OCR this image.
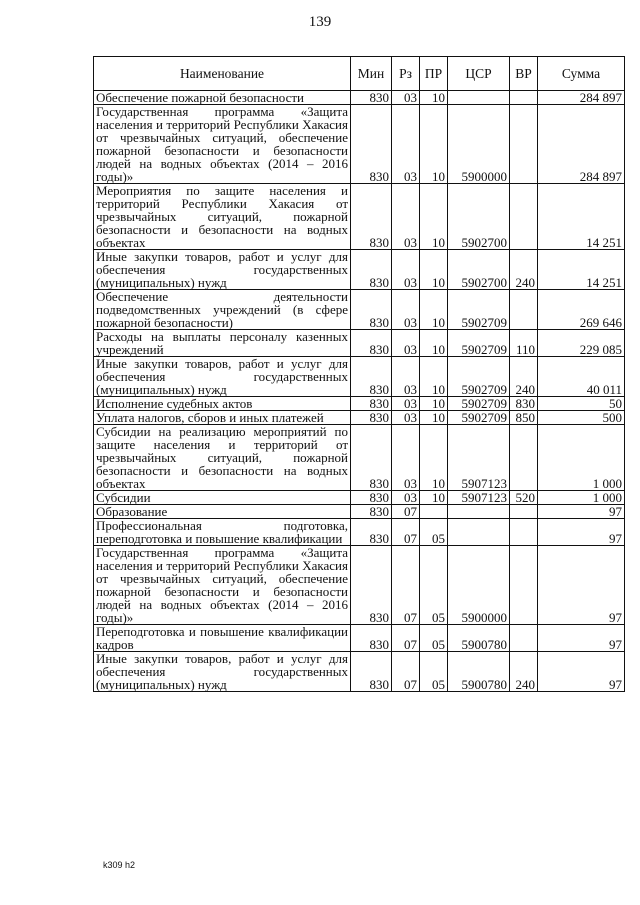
139
Наименование	Мин	Рз	ПР	ЦСР	ВР	Сумма
Обеспечение пожарной безопасности	830	03	10			284 897
Государственная программа «Защита населения и территорий Республики Хакасия от чрезвычайных ситуаций, обеспечение пожарной безопасности и безопасности людей на водных объектах (2014 – 2016 годы)»	830	03	10	5900000		284 897
Мероприятия по защите населения и территорий Республики Хакасия от чрезвычайных ситуаций, пожарной безопасности и безопасности на водных объектах	830	03	10	5902700		14 251
Иные закупки товаров, работ и услуг для обеспечения государственных (муниципальных) нужд	830	03	10	5902700	240	14 251
Обеспечение деятельности подведомственных учреждений (в сфере пожарной безопасности)	830	03	10	5902709		269 646
Расходы на выплаты персоналу казенных учреждений	830	03	10	5902709	110	229 085
Иные закупки товаров, работ и услуг для обеспечения государственных (муниципальных) нужд	830	03	10	5902709	240	40 011
Исполнение судебных актов	830	03	10	5902709	830	50
Уплата налогов, сборов и иных платежей	830	03	10	5902709	850	500
Субсидии на реализацию мероприятий по защите населения и территорий от чрезвычайных ситуаций, пожарной безопасности и безопасности на водных объектах	830	03	10	5907123		1 000
Субсидии	830	03	10	5907123	520	1 000
Образование	830	07				97
Профессиональная подготовка, переподготовка и повышение квалификации	830	07	05			97
Государственная программа «Защита населения и территорий Республики Хакасия от чрезвычайных ситуаций, обеспечение пожарной безопасности и безопасности людей на водных объектах (2014 – 2016 годы)»	830	07	05	5900000		97
Переподготовка и повышение квалификации кадров	830	07	05	5900780		97
Иные закупки товаров, работ и услуг для обеспечения государственных (муниципальных) нужд	830	07	05	5900780	240	97
k309 h2
